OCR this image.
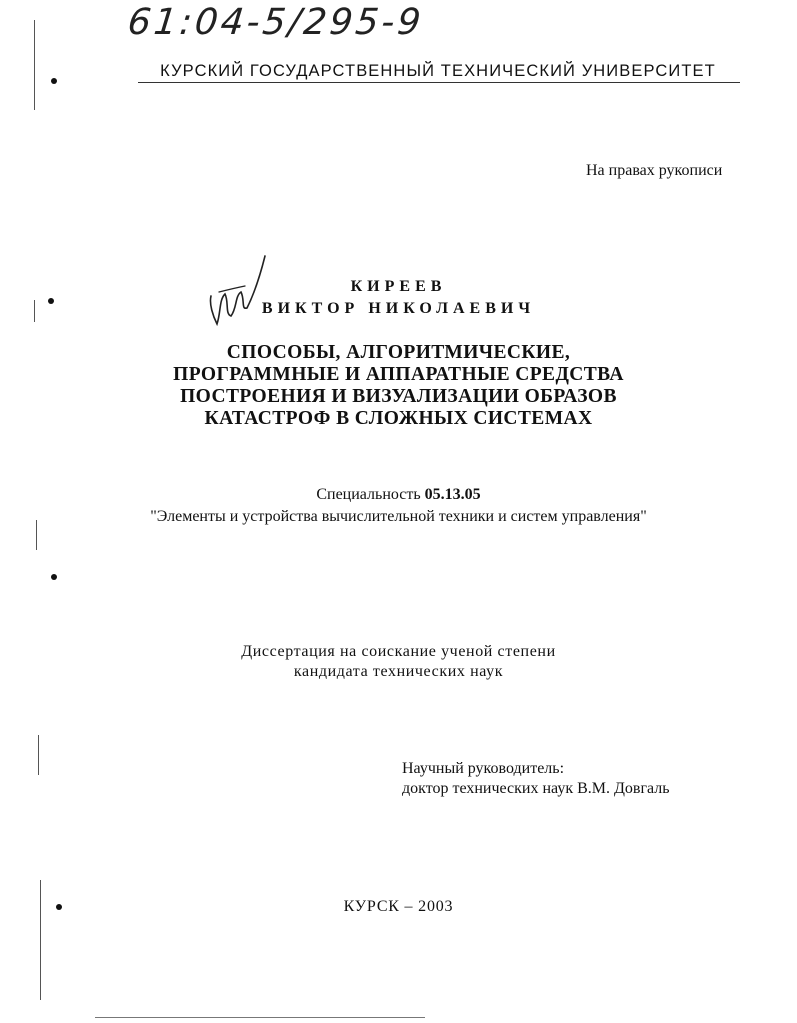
61:04-5/295-9
КУРСКИЙ ГОСУДАРСТВЕННЫЙ ТЕХНИЧЕСКИЙ УНИВЕРСИТЕТ
На правах рукописи
КИРЕЕВ
ВИКТОР НИКОЛАЕВИЧ
СПОСОБЫ, АЛГОРИТМИЧЕСКИЕ,
ПРОГРАММНЫЕ И АППАРАТНЫЕ СРЕДСТВА
ПОСТРОЕНИЯ И ВИЗУАЛИЗАЦИИ ОБРАЗОВ
КАТАСТРОФ В СЛОЖНЫХ СИСТЕМАХ
Специальность 05.13.05
"Элементы и устройства вычислительной техники и систем управления"
Диссертация на соискание ученой степени
кандидата технических наук
Научный руководитель:
доктор технических наук В.М. Довгаль
КУРСК – 2003
